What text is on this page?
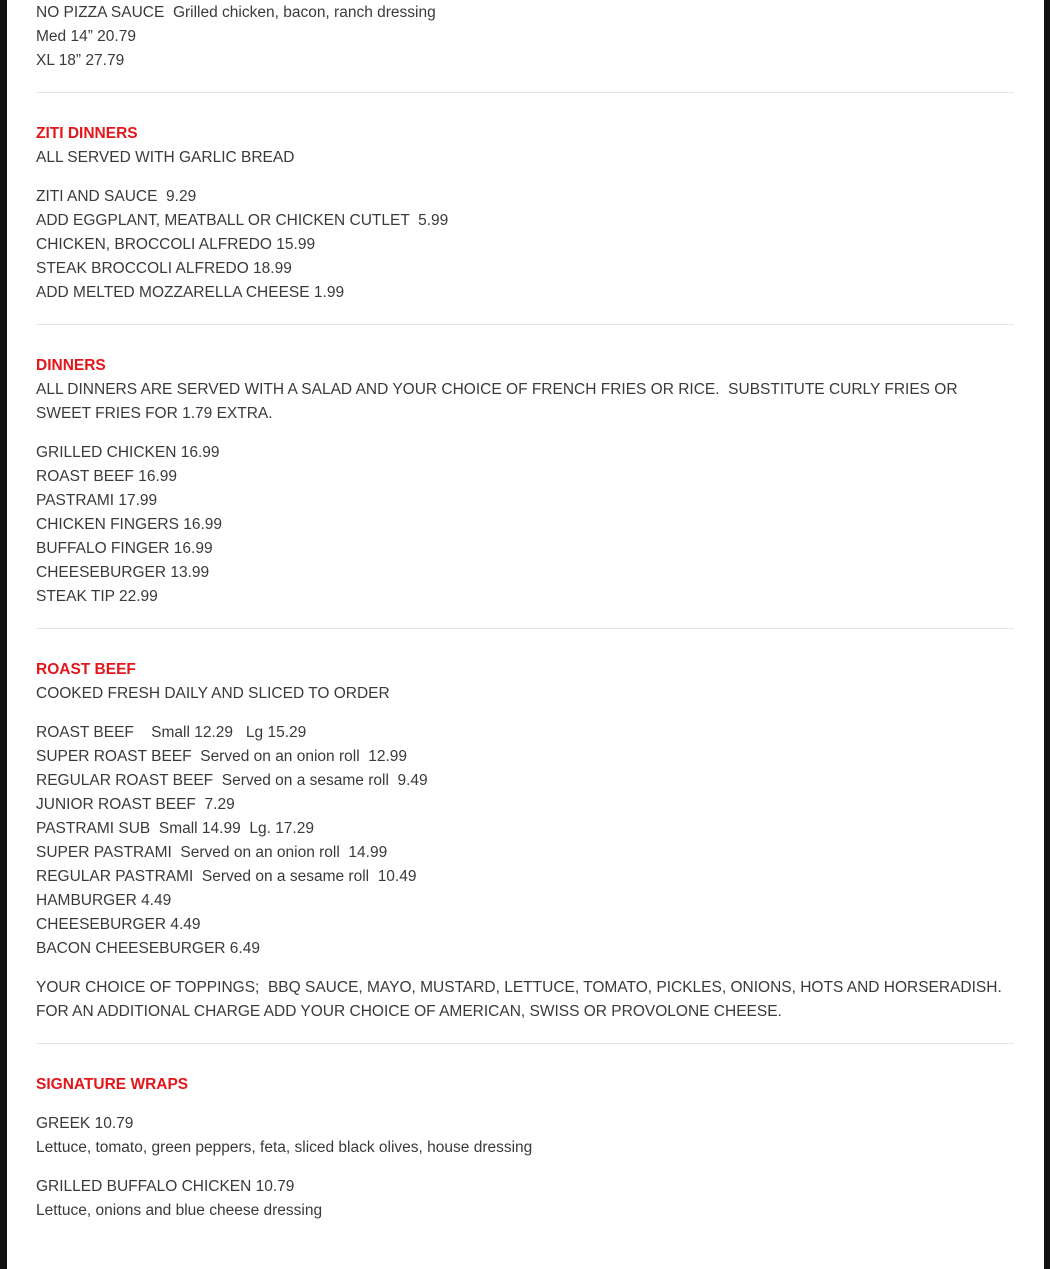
NO PIZZA SAUCE  Grilled chicken, bacon, ranch dressing

Med 14” 20.79

XL 18” 27.79

ZITI DINNERS

ALL SERVED WITH GARLIC BREAD

ZITI AND SAUCE  9.29

ADD EGGPLANT, MEATBALL OR CHICKEN CUTLET  5.99

CHICKEN, BROCCOLI ALFREDO 15.99

STEAK BROCCOLI ALFREDO 18.99

ADD MELTED MOZZARELLA CHEESE 1.99

DINNERS

ALL DINNERS ARE SERVED WITH A SALAD AND YOUR CHOICE OF FRENCH FRIES OR RICE.  SUBSTITUTE CURLY FRIES OR SWEET FRIES FOR 1.79 EXTRA.

GRILLED CHICKEN 16.99

ROAST BEEF 16.99

PASTRAMI 17.99

CHICKEN FINGERS 16.99

BUFFALO FINGER 16.99

CHEESEBURGER 13.99

STEAK TIP 22.99

ROAST BEEF

COOKED FRESH DAILY AND SLICED TO ORDER

ROAST BEEF    Small 12.29   Lg 15.29

SUPER ROAST BEEF  Served on an onion roll  12.99

REGULAR ROAST BEEF  Served on a sesame roll  9.49

JUNIOR ROAST BEEF  7.29

PASTRAMI SUB  Small 14.99  Lg. 17.29

SUPER PASTRAMI  Served on an onion roll  14.99

REGULAR PASTRAMI  Served on a sesame roll  10.49

HAMBURGER 4.49

CHEESEBURGER 4.49

BACON CHEESEBURGER 6.49

YOUR CHOICE OF TOPPINGS;  BBQ SAUCE, MAYO, MUSTARD, LETTUCE, TOMATO, PICKLES, ONIONS, HOTS AND HORSERADISH. FOR AN ADDITIONAL CHARGE ADD YOUR CHOICE OF AMERICAN, SWISS OR PROVOLONE CHEESE.

SIGNATURE WRAPS

GREEK 10.79

Lettuce, tomato, green peppers, feta, sliced black olives, house dressing

GRILLED BUFFALO CHICKEN 10.79

Lettuce, onions and blue cheese dressing
